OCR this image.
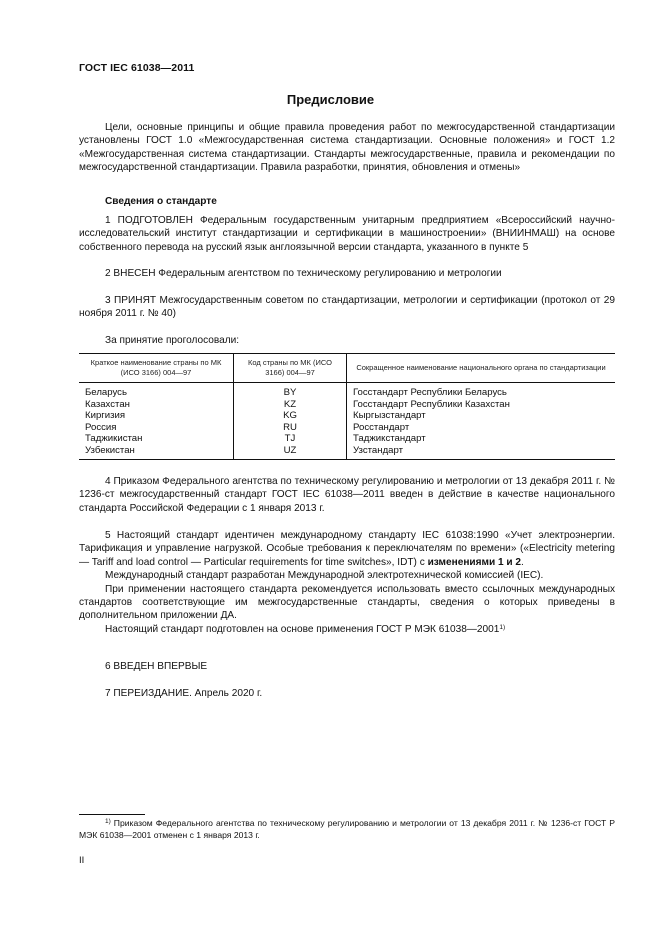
ГОСТ IEC 61038—2011
Предисловие

Цели, основные принципы и общие правила проведения работ по межгосударственной стандартизации установлены ГОСТ 1.0 «Межгосударственная система стандартизации. Основные положения» и ГОСТ 1.2 «Межгосударственная система стандартизации. Стандарты межгосударственные, правила и рекомендации по межгосударственной стандартизации. Правила разработки, принятия, обновления и отмены»

Сведения о стандарте

1 ПОДГОТОВЛЕН Федеральным государственным унитарным предприятием «Всероссийский научно-исследовательский институт стандартизации и сертификации в машиностроении» (ВНИИНМАШ) на основе собственного перевода на русский язык англоязычной версии стандарта, указанного в пункте 5

2 ВНЕСЕН Федеральным агентством по техническому регулированию и метрологии

3 ПРИНЯТ Межгосударственным советом по стандартизации, метрологии и сертификации (протокол от 29 ноября 2011 г. № 40)

За принятие проголосовали:

Краткое наименование страны по МК (ИСО 3166) 004—97	Код страны по МК (ИСО 3166) 004—97	Сокращенное наименование национального органа по стандартизации
Беларусь	BY	Госстандарт Республики Беларусь
Казахстан	KZ	Госстандарт Республики Казахстан
Киргизия	KG	Кыргызстандарт
Россия	RU	Росстандарт
Таджикистан	TJ	Таджикстандарт
Узбекистан	UZ	Узстандарт

4 Приказом Федерального агентства по техническому регулированию и метрологии от 13 декабря 2011 г. № 1236-ст межгосударственный стандарт ГОСТ IEC 61038—2011 введен в действие в качестве национального стандарта Российской Федерации с 1 января 2013 г.

5 Настоящий стандарт идентичен международному стандарту IEC 61038:1990 «Учет электроэнергии. Тарификация и управление нагрузкой. Особые требования к переключателям по времени» («Electricity metering — Tariff and load control — Particular requirements for time switches», IDT) с изменениями 1 и 2.

Международный стандарт разработан Международной электротехнической комиссией (IEC).

При применении настоящего стандарта рекомендуется использовать вместо ссылочных международных стандартов соответствующие им межгосударственные стандарты, сведения о которых приведены в дополнительном приложении ДА.

Настоящий стандарт подготовлен на основе применения ГОСТ Р МЭК 61038—2001$^{1)}$

6 ВВЕДЕН ВПЕРВЫЕ

7 ПЕРЕИЗДАНИЕ. Апрель 2020 г.

$^{1)}$ Приказом Федерального агентства по техническому регулированию и метрологии от 13 декабря 2011 г. № 1236-ст ГОСТ Р МЭК 61038—2001 отменен с 1 января 2013 г.
II
